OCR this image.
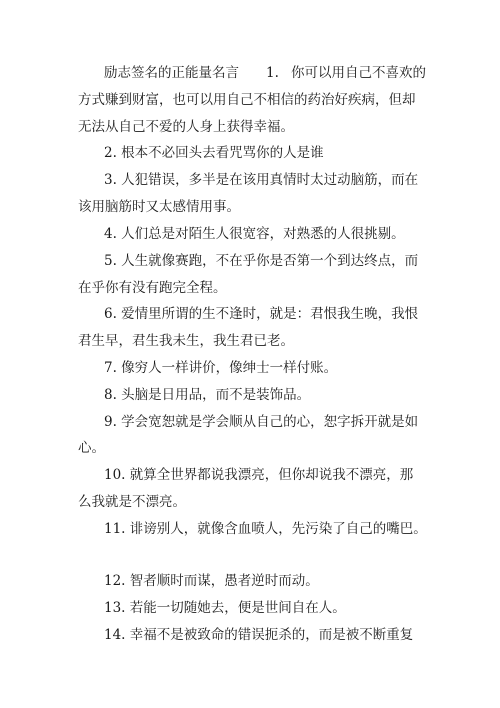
励志签名的正能量名言 1. 你可以用自己不喜欢的
方式赚到财富，也可以用自己不相信的药治好疾病，但却
无法从自己不爱的人身上获得幸福。
2. 根本不必回头去看咒骂你的人是谁
3. 人犯错误，多半是在该用真情时太过动脑筋，而在
该用脑筋时又太感情用事。
4. 人们总是对陌生人很宽容，对熟悉的人很挑剔。
5. 人生就像赛跑，不在乎你是否第一个到达终点，而
在乎你有没有跑完全程。
6. 爱情里所谓的生不逢时，就是：君恨我生晚，我恨
君生早，君生我未生，我生君已老。
7. 像穷人一样讲价，像绅士一样付账。
8. 头脑是日用品，而不是装饰品。
9. 学会宽恕就是学会顺从自己的心，恕字拆开就是如
心。
10. 就算全世界都说我漂亮，但你却说我不漂亮，那
么我就是不漂亮。
11. 诽谤别人，就像含血喷人，先污染了自己的嘴巴。
12. 智者顺时而谋，愚者逆时而动。
13. 若能一切随她去，便是世间自在人。
14. 幸福不是被致命的错误扼杀的，而是被不断重复
